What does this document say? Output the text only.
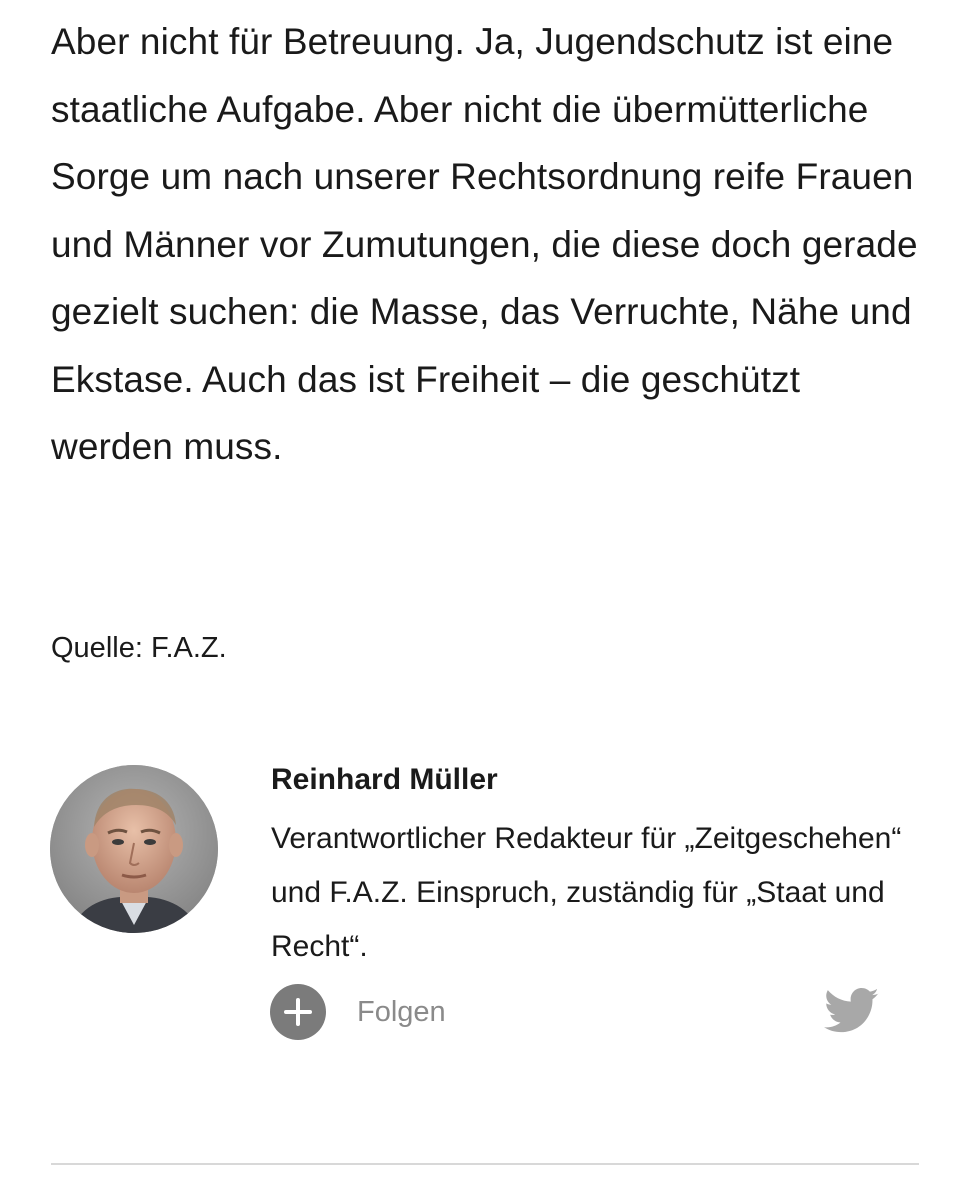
Aber nicht für Betreuung. Ja, Jugendschutz ist eine staatliche Aufgabe. Aber nicht die übermütterliche Sorge um nach unserer Rechtsordnung reife Frauen und Männer vor Zumutungen, die diese doch gerade gezielt suchen: die Masse, das Verruchte, Nähe und Ekstase. Auch das ist Freiheit – die geschützt werden muss.

Quelle: F.A.Z.
Reinhard Müller
Verantwortlicher Redakteur für „Zeitgeschehen“ und F.A.Z. Einspruch, zuständig für „Staat und Recht“.
Folgen
